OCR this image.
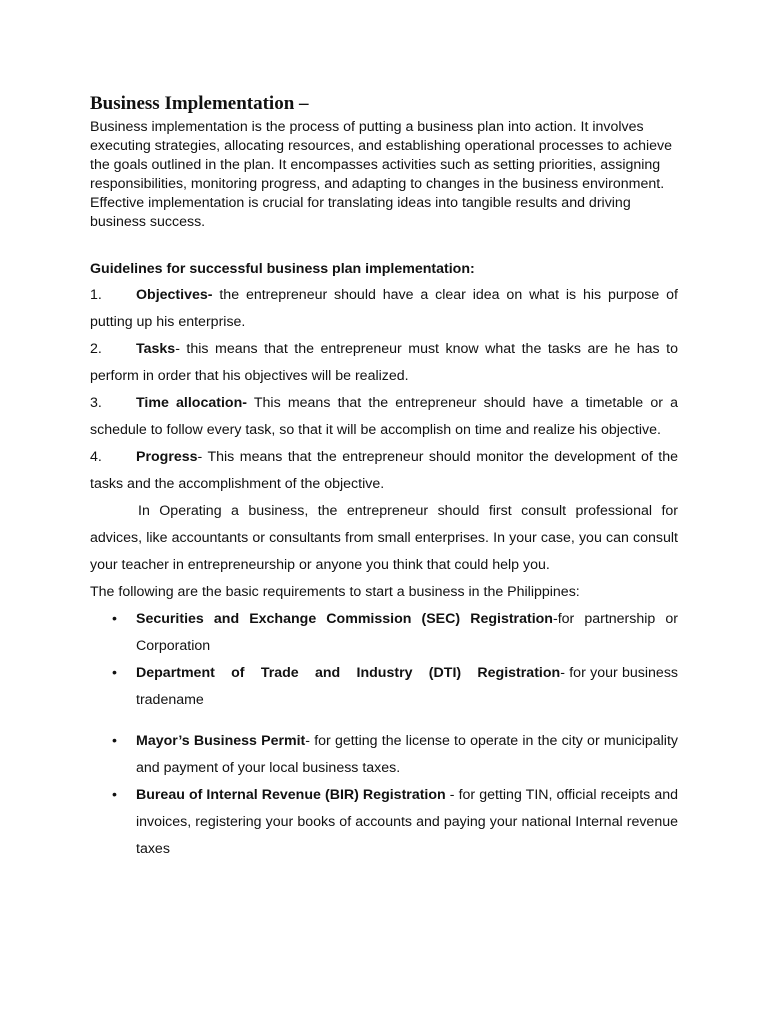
Business Implementation –

Business implementation is the process of putting a business plan into action. It involves executing strategies, allocating resources, and establishing operational processes to achieve the goals outlined in the plan. It encompasses activities such as setting priorities, assigning responsibilities, monitoring progress, and adapting to changes in the business environment. Effective implementation is crucial for translating ideas into tangible results and driving business success.

Guidelines for successful business plan implementation:

1. Objectives- the entrepreneur should have a clear idea on what is his purpose of putting up his enterprise.
2. Tasks- this means that the entrepreneur must know what the tasks are he has to perform in order that his objectives will be realized.
3. Time allocation- This means that the entrepreneur should have a timetable or a schedule to follow every task, so that it will be accomplish on time and realize his objective.
4. Progress- This means that the entrepreneur should monitor the development of the tasks and the accomplishment of the objective.

In Operating a business, the entrepreneur should first consult professional for advices, like accountants or consultants from small enterprises. In your case, you can consult your teacher in entrepreneurship or anyone you think that could help you.

The following are the basic requirements to start a business in the Philippines:

• Securities and Exchange Commission (SEC) Registration-for partnership or Corporation
• Department of Trade and Industry (DTI) Registration- for your business tradename
• Mayor’s Business Permit- for getting the license to operate in the city or municipality and payment of your local business taxes.
• Bureau of Internal Revenue (BIR) Registration - for getting TIN, official receipts and invoices, registering your books of accounts and paying your national Internal revenue taxes
